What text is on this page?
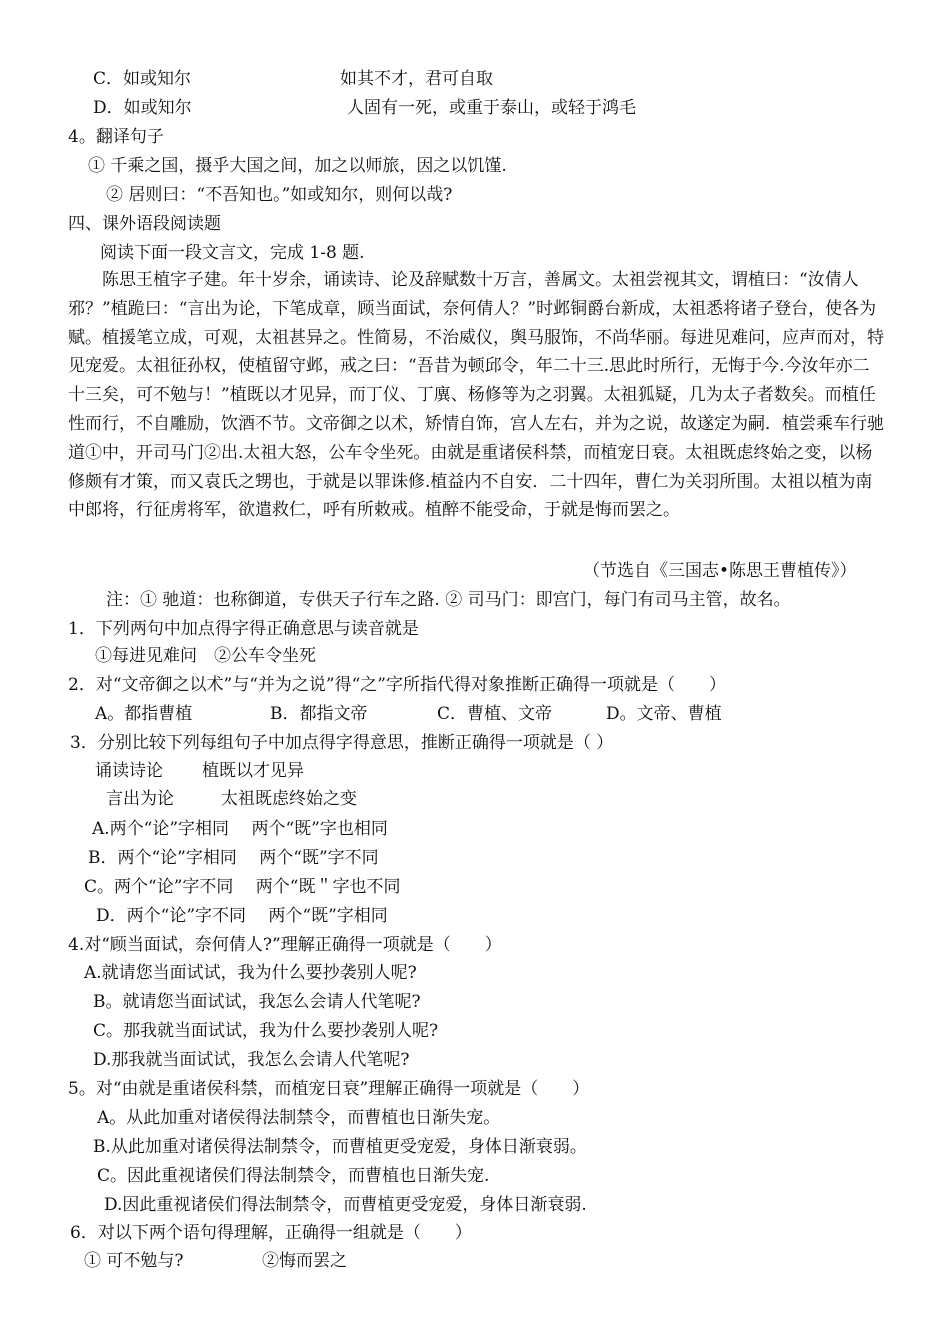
C．如或知尔	如其不才，君可自取
D．如或知尔	人固有一死，或重于泰山，或轻于鸿毛
4。翻译句子
① 千乘之国，摄乎大国之间，加之以师旅，因之以饥馑.
② 居则曰：“不吾知也。”如或知尔，则何以哉?
四、课外语段阅读题
阅读下面一段文言文，完成 1-8 题.
陈思王植字子建。年十岁余，诵读诗、论及辞赋数十万言，善属文。太祖尝视其文，谓植曰：“汝倩人邪？”植跪曰：“言出为论，下笔成章，顾当面试，奈何倩人？”时邺铜爵台新成，太祖悉将诸子登台，使各为赋。植援笔立成，可观，太祖甚异之。性简易，不治威仪，舆马服饰，不尚华丽。每进见难问，应声而对，特见宠爱。太祖征孙权，使植留守邺，戒之曰：“吾昔为顿邱令，年二十三.思此时所行，无悔于今.今汝年亦二十三矣，可不勉与！”植既以才见异，而丁仪、丁廙、杨修等为之羽翼。太祖狐疑，几为太子者数矣。而植任性而行，不自雕励，饮酒不节。文帝御之以术，矫情自饰，宫人左右，并为之说，故遂定为嗣．植尝乘车行驰道①中，开司马门②出.太祖大怒，公车令坐死。由就是重诸侯科禁，而植宠日衰。太祖既虑终始之变，以杨修颇有才策，而又袁氏之甥也，于就是以罪诛修.植益内不自安．二十四年，曹仁为关羽所围。太祖以植为南中郎将，行征虏将军，欲遣救仁，呼有所敕戒。植醉不能受命，于就是悔而罢之。
（节选自《三国志•陈思王曹植传》）
注：① 驰道：也称御道，专供天子行车之路. ② 司马门：即宫门，每门有司马主管，故名。
1．下列两句中加点得字得正确意思与读音就是
①每进见难问　②公车令坐死
2．对“文帝御之以术”与“并为之说”得“之”字所指代得对象推断正确得一项就是（　　）
A。都指曹植	B．都指文帝	C．曹植、文帝	D。文帝、曹植
3．分别比较下列每组句子中加点得字得意思，推断正确得一项就是（ ）
诵读诗论 植既以才见异
言出为论	太祖既虑终始之变
A.两个“论”字相同　 两个“既”字也相同
B．两个“论”字相同　 两个“既”字不同
C。两个“论”字不同　 两个“既＂字也不同
D．两个“论”字不同　 两个“既”字相同
4.对“顾当面试，奈何倩人?”理解正确得一项就是（　　）
A.就请您当面试试，我为什么要抄袭别人呢?
B。就请您当面试试，我怎么会请人代笔呢?
C。那我就当面试试，我为什么要抄袭别人呢?
D.那我就当面试试，我怎么会请人代笔呢?
5。对“由就是重诸侯科禁，而植宠日衰”理解正确得一项就是（　　）
A。从此加重对诸侯得法制禁令，而曹植也日渐失宠。
B.从此加重对诸侯得法制禁令，而曹植更受宠爱，身体日渐衰弱。
C。因此重视诸侯们得法制禁令，而曹植也日渐失宠.
D.因此重视诸侯们得法制禁令，而曹植更受宠爱，身体日渐衰弱.
6．对以下两个语句得理解，正确得一组就是（　　）
① 可不勉与?	②悔而罢之
